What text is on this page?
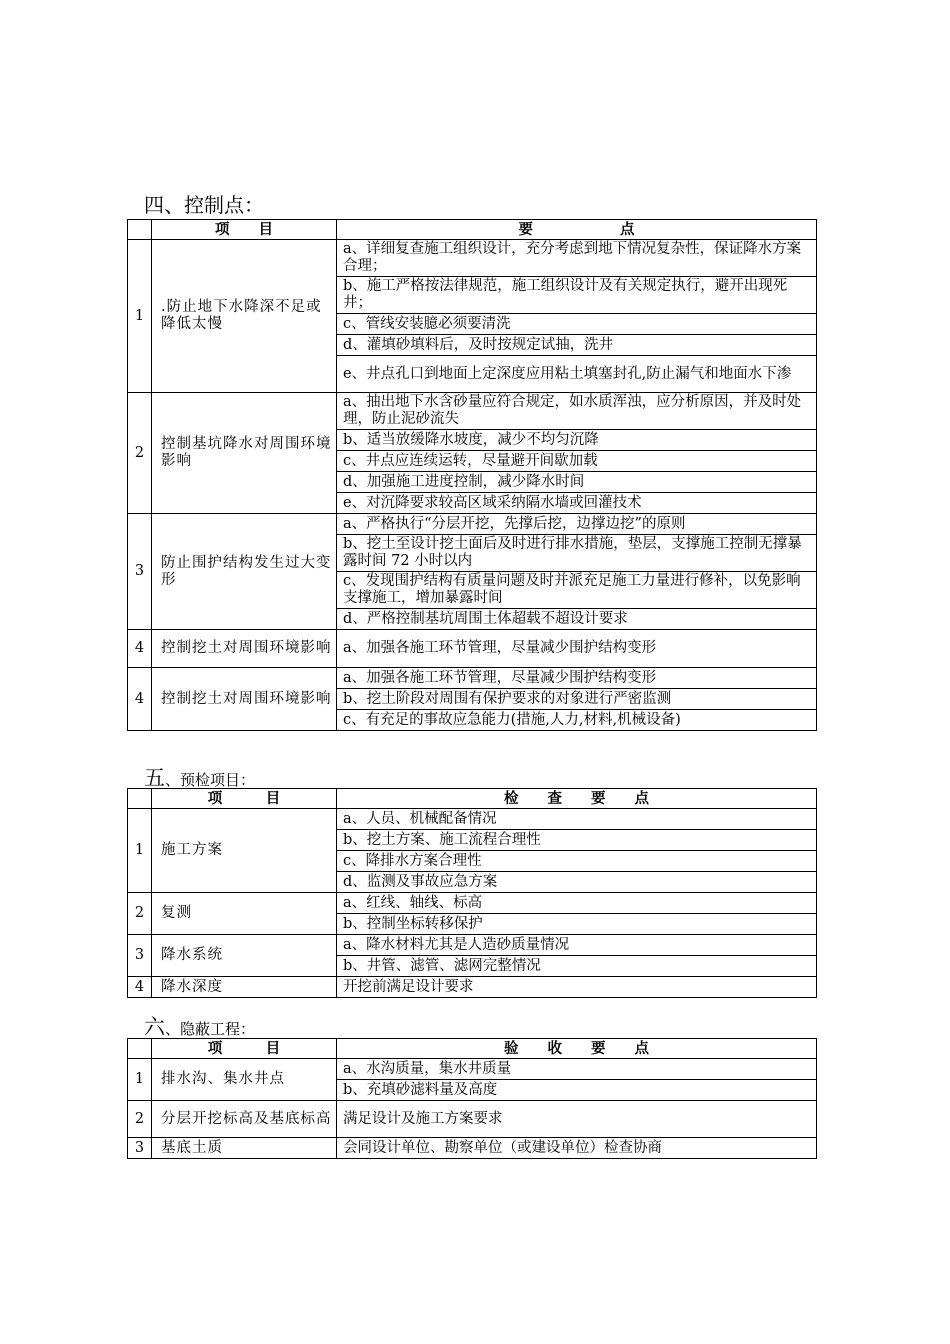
四、控制点：
	项　　目	要　　　　　　点
1	.防止地下水降深不足或降低太慢	a、详细复查施工组织设计，充分考虑到地下情况复杂性，保证降水方案合理；
		b、施工严格按法律规范，施工组织设计及有关规定执行，避开出现死井；
		c、管线安装臆必须要清洗
		d、灌填砂填料后，及时按规定试抽，洗井
		e、井点孔口到地面上定深度应用粘土填塞封孔,防止漏气和地面水下渗
2	控制基坑降水对周围环境影响	a、抽出地下水含砂量应符合规定，如水质浑浊，应分析原因，并及时处理，防止泥砂流失
		b、适当放缓降水坡度，减少不均匀沉降
		c、井点应连续运转，尽量避开间歇加载
		d、加强施工进度控制，减少降水时间
		e、对沉降要求较高区域采纳隔水墙或回灌技术
3	防止围护结构发生过大变形	a、严格执行“分层开挖，先撑后挖，边撑边挖”的原则
		b、挖土至设计挖土面后及时进行排水措施，垫层，支撑施工控制无撑暴露时间 72 小时以内
		c、发现围护结构有质量问题及时并派充足施工力量进行修补，以免影响支撑施工，增加暴露时间
		d、严格控制基坑周围土体超载不超设计要求
4	控制挖土对周围环境影响	a、加强各施工环节管理，尽量减少围护结构变形
4	控制挖土对周围环境影响	a、加强各施工环节管理，尽量减少围护结构变形
		b、挖土阶段对周围有保护要求的对象进行严密监测
		c、有充足的事故应急能力(措施,人力,材料,机械设备)
五、预检项目：
	项　　　目	检　　查　　要　　点
1	施工方案	a、人员、机械配备情况
		b、挖土方案、施工流程合理性
		c、降排水方案合理性
		d、监测及事故应急方案
2	复测	a、红线、轴线、标高
		b、控制坐标转移保护
3	降水系统	a、降水材料尤其是人造砂质量情况
		b、井管、滤管、滤网完整情况
4	降水深度	开挖前满足设计要求
六、隐蔽工程：
	项　　　目	验　　收　　要　　点
1	排水沟、集水井点	a、水沟质量，集水井质量
		b、充填砂滤料量及高度
2	分层开挖标高及基底标高	满足设计及施工方案要求
3	基底土质	会同设计单位、勘察单位（或建设单位）检查协商
